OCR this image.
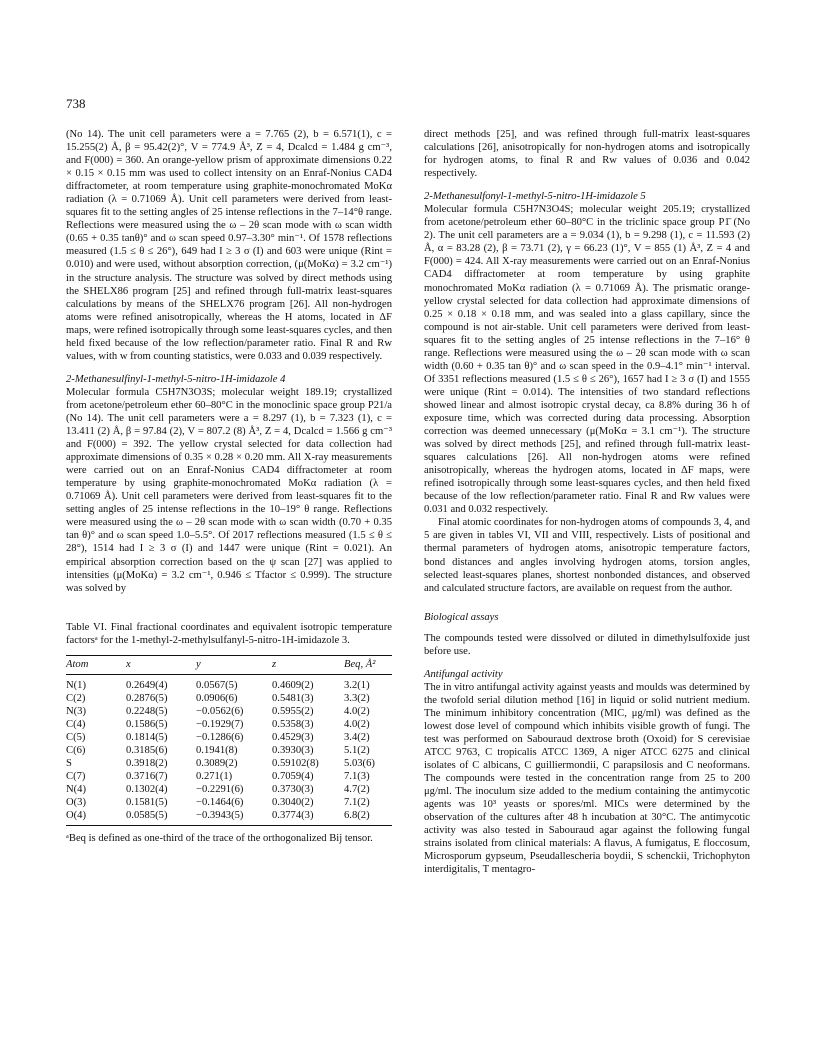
738

(No 14). The unit cell parameters were a = 7.765 (2), b = 6.571(1), c = 15.255(2) Å, β = 95.42(2)°, V = 774.9 Å³, Z = 4, Dcalcd = 1.484 g cm⁻³, and F(000) = 360. An orange-yellow prism of approximate dimensions 0.22 × 0.15 × 0.15 mm was used to collect intensity on an Enraf-Nonius CAD4 diffractometer, at room temperature using graphite-monochromated MoKα radiation (λ = 0.71069 Å). Unit cell parameters were derived from least-squares fit to the setting angles of 25 intense reflections in the 7–14°θ range. Reflections were measured using the ω – 2θ scan mode with ω scan width (0.65 + 0.35 tanθ)° and ω scan speed 0.97–3.30° min⁻¹. Of 1578 reflections measured (1.5 ≤ θ ≤ 26°), 649 had I ≥ 3 σ (I) and 603 were unique (Rint = 0.010) and were used, without absorption correction, (μ(MoKα) = 3.2 cm⁻¹) in the structure analysis. The structure was solved by direct methods using the SHELX86 program [25] and refined through full-matrix least-squares calculations by means of the SHELX76 program [26]. All non-hydrogen atoms were refined anisotropically, whereas the H atoms, located in ΔF maps, were refined isotropically through some least-squares cycles, and then held fixed because of the low reflection/parameter ratio. Final R and Rw values, with w from counting statistics, were 0.033 and 0.039 respectively.

2-Methanesulfinyl-1-methyl-5-nitro-1H-imidazole 4

Molecular formula C5H7N3O3S; molecular weight 189.19; crystallized from acetone/petroleum ether 60–80°C in the monoclinic space group P21/a (No 14). The unit cell parameters were a = 8.297 (1), b = 7.323 (1), c = 13.411 (2) Å, β = 97.84 (2), V = 807.2 (8) Å³, Z = 4, Dcalcd = 1.566 g cm⁻³ and F(000) = 392. The yellow crystal selected for data collection had approximate dimensions of 0.35 × 0.28 × 0.20 mm. All X-ray measurements were carried out on an Enraf-Nonius CAD4 diffractometer at room temperature by using graphite-monochromated MoKα radiation (λ = 0.71069 Å). Unit cell parameters were derived from least-squares fit to the setting angles of 25 intense reflections in the 10–19° θ range. Reflections were measured using the ω – 2θ scan mode with ω scan width (0.70 + 0.35 tan θ)° and ω scan speed 1.0–5.5°. Of 2017 reflections measured (1.5 ≤ θ ≤ 28°), 1514 had I ≥ 3 σ (I) and 1447 were unique (Rint = 0.021). An empirical absorption correction based on the ψ scan [27] was applied to intensities (μ(MoKα) = 3.2 cm⁻¹, 0.946 ≤ Tfactor ≤ 0.999). The structure was solved by

Table VI. Final fractional coordinates and equivalent isotropic temperature factorsᵃ for the 1-methyl-2-methylsulfanyl-5-nitro-1H-imidazole 3.

Atom	x	y	z	Beq, Å²
N(1)	0.2649(4)	0.0567(5)	0.4609(2)	3.2(1)
C(2)	0.2876(5)	0.0906(6)	0.5481(3)	3.3(2)
N(3)	0.2248(5)	−0.0562(6)	0.5955(2)	4.0(2)
C(4)	0.1586(5)	−0.1929(7)	0.5358(3)	4.0(2)
C(5)	0.1814(5)	−0.1286(6)	0.4529(3)	3.4(2)
C(6)	0.3185(6)	0.1941(8)	0.3930(3)	5.1(2)
S	0.3918(2)	0.3089(2)	0.59102(8)	5.03(6)
C(7)	0.3716(7)	0.271(1)	0.7059(4)	7.1(3)
N(4)	0.1302(4)	−0.2291(6)	0.3730(3)	4.7(2)
O(3)	0.1581(5)	−0.1464(6)	0.3040(2)	7.1(2)
O(4)	0.0585(5)	−0.3943(5)	0.3774(3)	6.8(2)

ᵃBeq is defined as one-third of the trace of the orthogonalized Bij tensor.

direct methods [25], and was refined through full-matrix least-squares calculations [26], anisotropically for non-hydrogen atoms and isotropically for hydrogen atoms, to final R and Rw values of 0.036 and 0.042 respectively.

2-Methanesulfonyl-1-methyl-5-nitro-1H-imidazole 5

Molecular formula C5H7N3O4S; molecular weight 205.19; crystallized from acetone/petroleum ether 60–80°C in the triclinic space group P1̄ (No 2). The unit cell parameters are a = 9.034 (1), b = 9.298 (1), c = 11.593 (2) Å, α = 83.28 (2), β = 73.71 (2), γ = 66.23 (1)°, V = 855 (1) Å³, Z = 4 and F(000) = 424. All X-ray measurements were carried out on an Enraf-Nonius CAD4 diffractometer at room temperature by using graphite monochromated MoKα radiation (λ = 0.71069 Å). The prismatic orange-yellow crystal selected for data collection had approximate dimensions of 0.25 × 0.18 × 0.18 mm, and was sealed into a glass capillary, since the compound is not air-stable. Unit cell parameters were derived from least-squares fit to the setting angles of 25 intense reflections in the 7–16° θ range. Reflections were measured using the ω – 2θ scan mode with ω scan width (0.60 + 0.35 tan θ)° and ω scan speed in the 0.9–4.1° min⁻¹ interval. Of 3351 reflections measured (1.5 ≤ θ ≤ 26°), 1657 had I ≥ 3 σ (I) and 1555 were unique (Rint = 0.014). The intensities of two standard reflections showed linear and almost isotropic crystal decay, ca 8.8% during 36 h of exposure time, which was corrected during data processing. Absorption correction was deemed unnecessary (μ(MoKα = 3.1 cm⁻¹). The structure was solved by direct methods [25], and refined through full-matrix least-squares calculations [26]. All non-hydrogen atoms were refined anisotropically, whereas the hydrogen atoms, located in ΔF maps, were refined isotropically through some least-squares cycles, and then held fixed because of the low reflection/parameter ratio. Final R and Rw values were 0.031 and 0.032 respectively.

Final atomic coordinates for non-hydrogen atoms of compounds 3, 4, and 5 are given in tables VI, VII and VIII, respectively. Lists of positional and thermal parameters of hydrogen atoms, anisotropic temperature factors, bond distances and angles involving hydrogen atoms, torsion angles, selected least-squares planes, shortest nonbonded distances, and observed and calculated structure factors, are available on request from the author.

Biological assays

The compounds tested were dissolved or diluted in dimethylsulfoxide just before use.

Antifungal activity

The in vitro antifungal activity against yeasts and moulds was determined by the twofold serial dilution method [16] in liquid or solid nutrient medium. The minimum inhibitory concentration (MIC, μg/ml) was defined as the lowest dose level of compound which inhibits visible growth of fungi. The test was performed on Sabouraud dextrose broth (Oxoid) for S cerevisiae ATCC 9763, C tropicalis ATCC 1369, A niger ATCC 6275 and clinical isolates of C albicans, C guilliermondii, C parapsilosis and C neoformans. The compounds were tested in the concentration range from 25 to 200 μg/ml. The inoculum size added to the medium containing the antimycotic agents was 10³ yeasts or spores/ml. MICs were determined by the observation of the cultures after 48 h incubation at 30°C. The antimycotic activity was also tested in Sabouraud agar against the following fungal strains isolated from clinical materials: A flavus, A fumigatus, E floccosum, Microsporum gypseum, Pseudallescheria boydii, S schenckii, Trichophyton interdigitalis, T mentagro-
